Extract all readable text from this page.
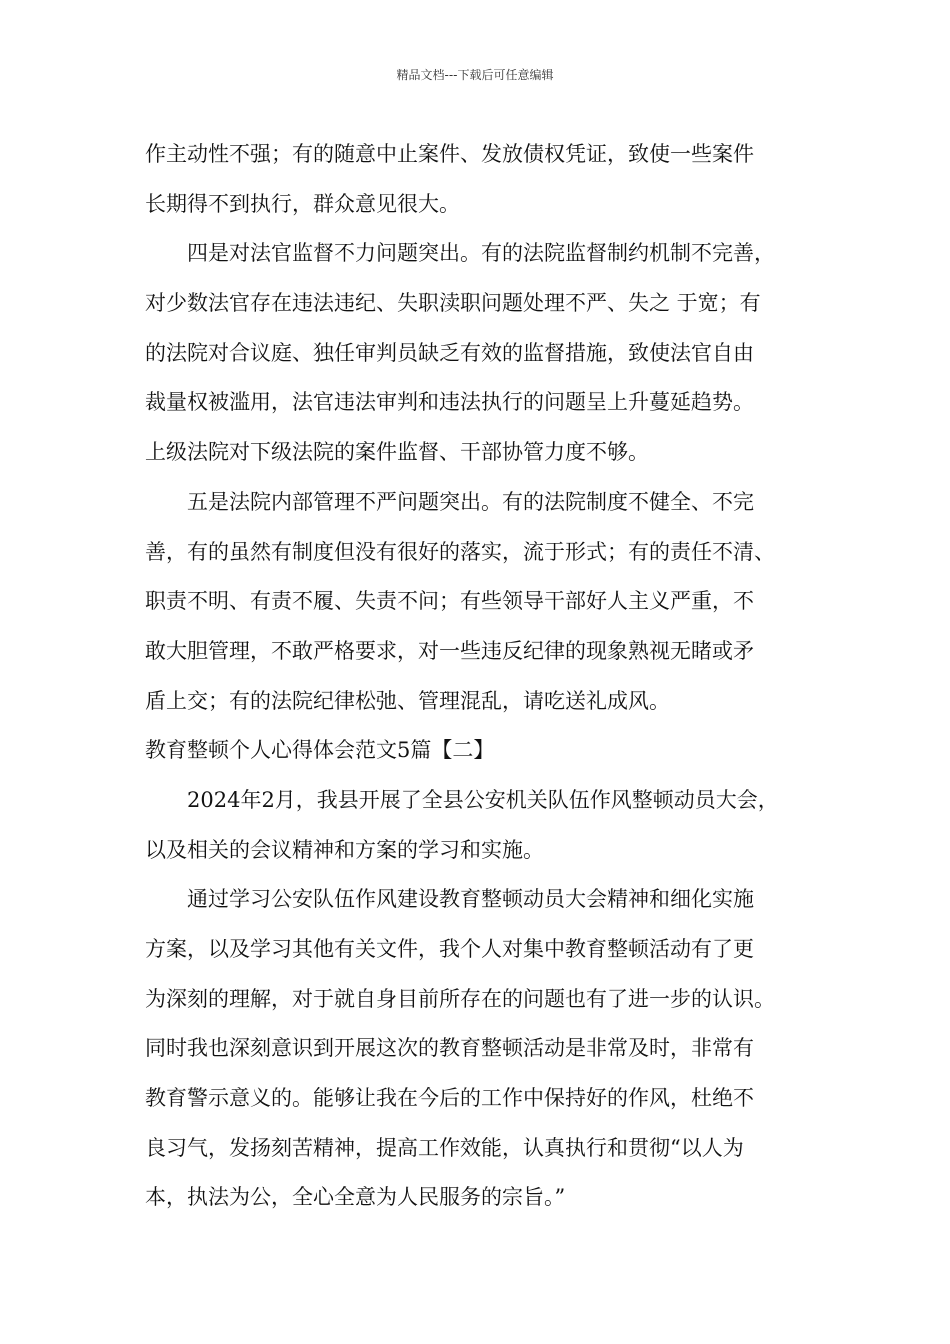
精品文档---下载后可任意编辑
作主动性不强；有的随意中止案件、发放债权凭证，致使一些案件
长期得不到执行，群众意见很大。
四是对法官监督不力问题突出。有的法院监督制约机制不完善，
对少数法官存在违法违纪、失职渎职问题处理不严、失之 于宽；有
的法院对合议庭、独任审判员缺乏有效的监督措施，致使法官自由
裁量权被滥用，法官违法审判和违法执行的问题呈上升蔓延趋势。
上级法院对下级法院的案件监督、干部协管力度不够。
五是法院内部管理不严问题突出。有的法院制度不健全、不完
善，有的虽然有制度但没有很好的落实，流于形式；有的责任不清、
职责不明、有责不履、失责不问；有些领导干部好人主义严重，不
敢大胆管理，不敢严格要求，对一些违反纪律的现象熟视无睹或矛
盾上交；有的法院纪律松弛、管理混乱，请吃送礼成风。
教育整顿个人心得体会范文5篇【二】
2024年2月，我县开展了全县公安机关队伍作风整顿动员大会，
以及相关的会议精神和方案的学习和实施。
通过学习公安队伍作风建设教育整顿动员大会精神和细化实施
方案，以及学习其他有关文件，我个人对集中教育整顿活动有了更
为深刻的理解，对于就自身目前所存在的问题也有了进一步的认识。
同时我也深刻意识到开展这次的教育整顿活动是非常及时，非常有
教育警示意义的。能够让我在今后的工作中保持好的作风，杜绝不
良习气，发扬刻苦精神，提高工作效能，认真执行和贯彻“以人为
本，执法为公，全心全意为人民服务的宗旨。”
